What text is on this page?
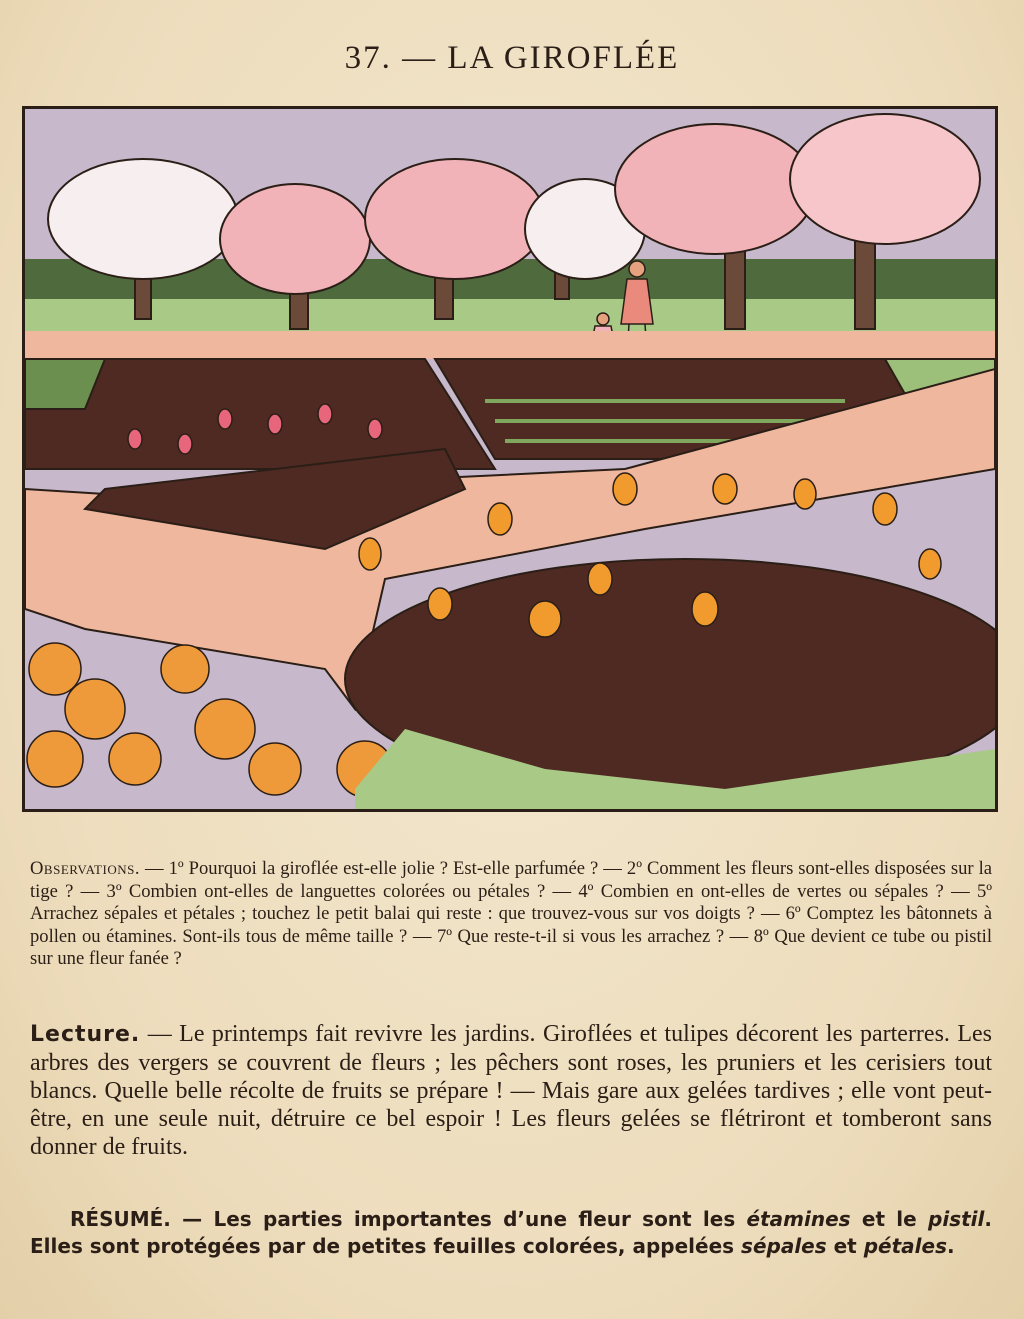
37. — LA GIROFLÉE
Observations. — 1º Pourquoi la giroflée est-elle jolie ? Est-elle parfumée ? — 2º Comment les fleurs sont-elles disposées sur la tige ? — 3º Combien ont-elles de languettes colorées ou pétales ? — 4º Combien en ont-elles de vertes ou sépales ? — 5º Arrachez sépales et pétales ; touchez le petit balai qui reste : que trouvez-vous sur vos doigts ? — 6º Comptez les bâtonnets à pollen ou étamines. Sont-ils tous de même taille ? — 7º Que reste-t-il si vous les arrachez ? — 8º Que devient ce tube ou pistil sur une fleur fanée ?
Lecture. — Le printemps fait revivre les jardins. Giroflées et tulipes décorent les parterres. Les arbres des vergers se couvrent de fleurs ; les pêchers sont roses, les pruniers et les cerisiers tout blancs. Quelle belle récolte de fruits se prépare ! — Mais gare aux gelées tardives ; elle vont peut-être, en une seule nuit, détruire ce bel espoir ! Les fleurs gelées se flétriront et tomberont sans donner de fruits.
RÉSUMÉ. — Les parties importantes d’une fleur sont les étamines et le pistil. Elles sont protégées par de petites feuilles colorées, appelées sépales et pétales.
